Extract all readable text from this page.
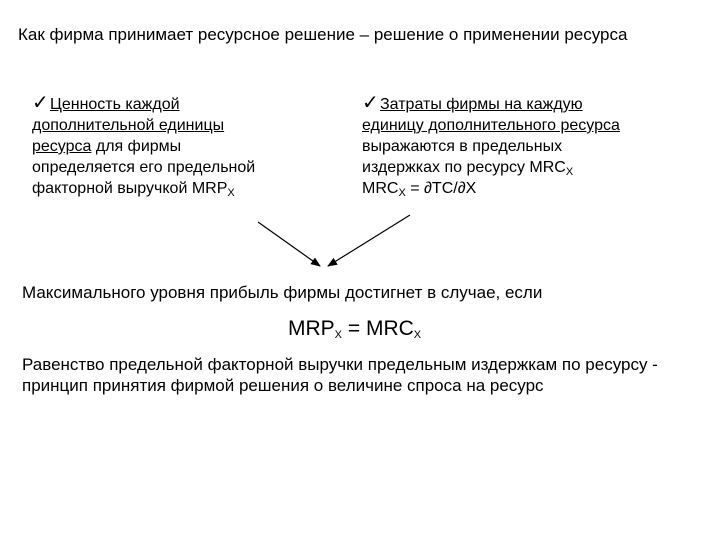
Как фирма принимает ресурсное решение – решение о применении ресурса
✓Ценность каждой
дополнительной единицы
ресурса для фирмы
определяется его предельной
факторной выручкой $MRP_X$
✓Затраты фирмы на каждую
единицу дополнительного ресурса
выражаются в предельных
издержках по ресурсу $MRC_X$
$MRC_X = \partial TC/\partial X$
Максимального уровня прибыль фирмы достигнет в случае, если
$MRP_X = MRC_X$
Равенство предельной факторной выручки предельным издержкам по ресурсу - принцип принятия фирмой решения о величине спроса на ресурс
